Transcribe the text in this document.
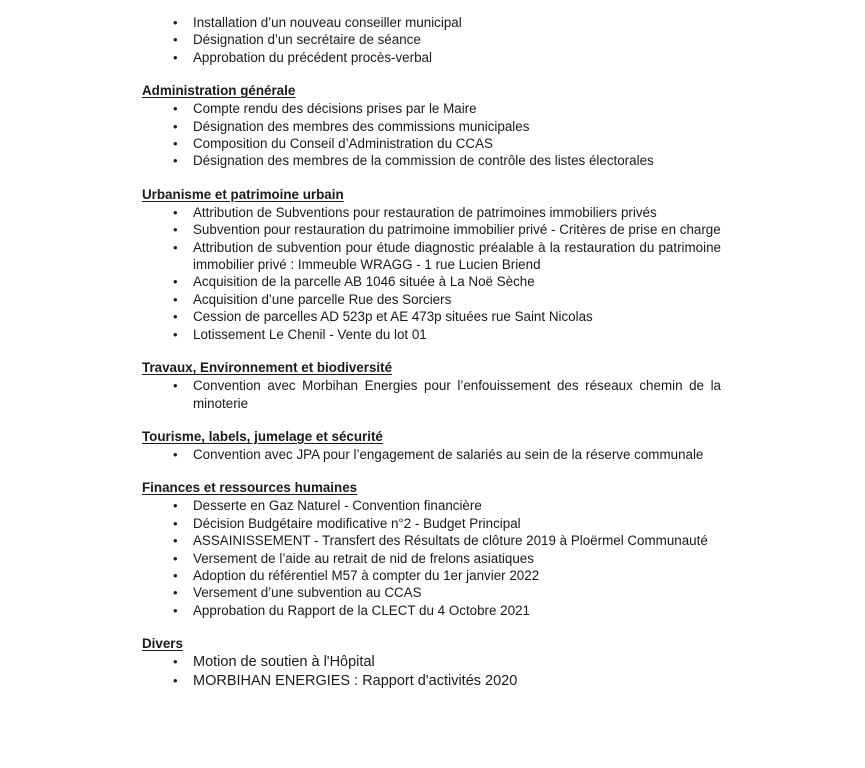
• Installation d’un nouveau conseiller municipal
• Désignation d’un secrétaire de séance
• Approbation du précédent procès-verbal
Administration générale
• Compte rendu des décisions prises par le Maire
• Désignation des membres des commissions municipales
• Composition du Conseil d’Administration du CCAS
• Désignation des membres de la commission de contrôle des listes électorales
Urbanisme et patrimoine urbain
• Attribution de Subventions pour restauration de patrimoines immobiliers privés
• Subvention pour restauration du patrimoine immobilier privé - Critères de prise en charge
• Attribution de subvention pour étude diagnostic préalable à la restauration du patrimoine immobilier privé : Immeuble WRAGG - 1 rue Lucien Briend
• Acquisition de la parcelle AB 1046 située à La Noë Sèche
• Acquisition d’une parcelle Rue des Sorciers
• Cession de parcelles AD 523p et AE 473p situées rue Saint Nicolas
• Lotissement Le Chenil - Vente du lot 01
Travaux, Environnement et biodiversité
• Convention avec Morbihan Energies pour l’enfouissement des réseaux chemin de la minoterie
Tourisme, labels, jumelage et sécurité
• Convention avec JPA pour l’engagement de salariés au sein de la réserve communale
Finances et ressources humaines
• Desserte en Gaz Naturel - Convention financière
• Décision Budgétaire modificative n°2 - Budget Principal
• ASSAINISSEMENT - Transfert des Résultats de clôture 2019 à Ploërmel Communauté
• Versement de l’aide au retrait de nid de frelons asiatiques
• Adoption du référentiel M57 à compter du 1er janvier 2022
• Versement d’une subvention au CCAS
• Approbation du Rapport de la CLECT du 4 Octobre 2021
Divers
• Motion de soutien à l'Hôpital
• MORBIHAN ENERGIES : Rapport d'activités 2020
